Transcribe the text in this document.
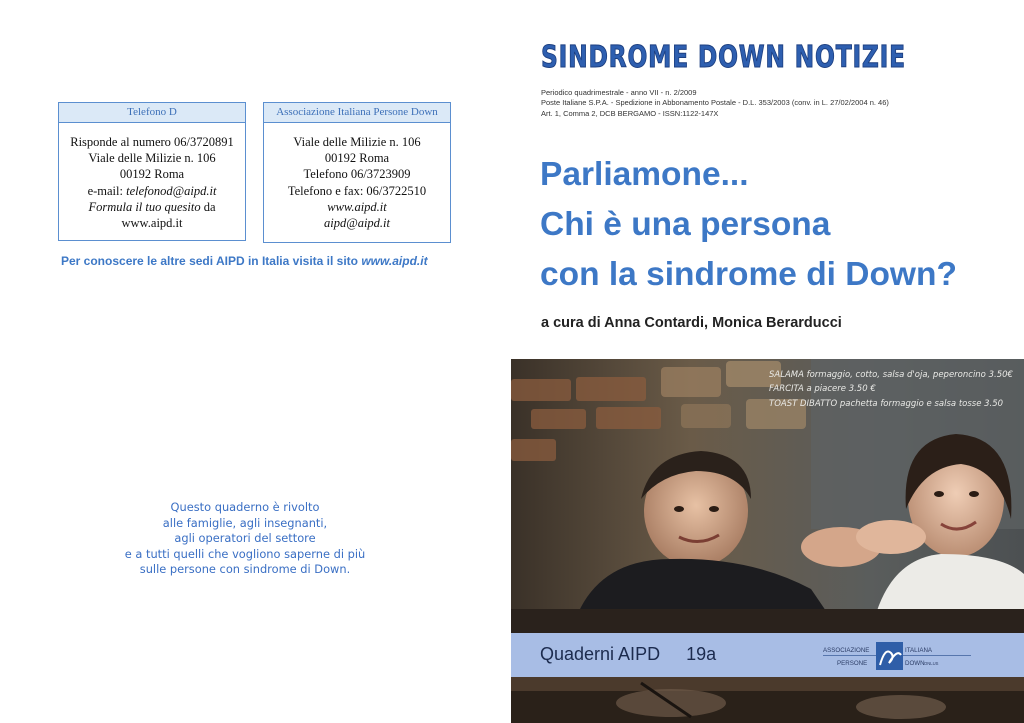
Telefono D
Risponde al numero 06/3720891
Viale delle Milizie n. 106
00192 Roma
e-mail: telefonod@aipd.it
Formula il tuo quesito da
www.aipd.it
Associazione Italiana Persone Down
Viale delle Milizie n. 106
00192 Roma
Telefono 06/3723909
Telefono e fax: 06/3722510
www.aipd.it
aipd@aipd.it
Per conoscere le altre sedi AIPD in Italia visita il sito www.aipd.it
Questo quaderno è rivolto
alle famiglie, agli insegnanti,
agli operatori del settore
e a tutti quelli che vogliono saperne di più
sulle persone con sindrome di Down.
SINDROME DOWN NOTIZIE
Periodico quadrimestrale - anno VII - n. 2/2009
Poste Italiane S.P.A. - Spedizione in Abbonamento Postale - D.L. 353/2003 (conv. in L. 27/02/2004 n. 46)
Art. 1, Comma 2, DCB BERGAMO - ISSN:1122-147X
Parliamone...
Chi è una persona
con la sindrome di Down?
a cura di Anna Contardi, Monica Berarducci
SALAMA formaggio, cotto, salsa d'oja, peperoncino 3.50€
FARCITA a piacere 3.50 €
TOAST DIBATTO pachetta formaggio e salsa tosse 3.50
Quaderni AIPD 19a	ASSOCIAZIONE	ITALIANA
PERSONE	DOWN ONLUS
